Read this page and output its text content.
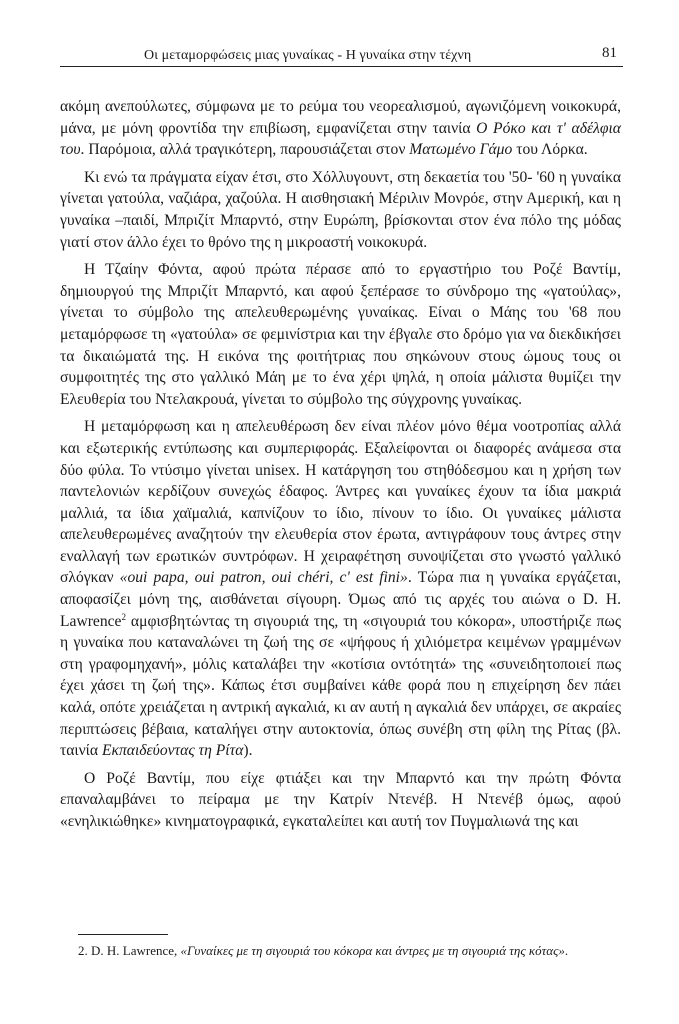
Οι μεταμορφώσεις μιας γυναίκας - Η γυναίκα στην τέχνη	81

ακόμη ανεπούλωτες, σύμφωνα με το ρεύμα του νεορεαλισμού, αγωνιζόμενη νοικοκυρά, μάνα, με μόνη φροντίδα την επιβίωση, εμφανίζεται στην ταινία Ο Ρόκο και τ' αδέλφια του. Παρόμοια, αλλά τραγικότερη, παρουσιάζεται στον Ματωμένο Γάμο του Λόρκα.

Κι ενώ τα πράγματα είχαν έτσι, στο Χόλλυγουντ, στη δεκαετία του '50- '60 η γυναίκα γίνεται γατούλα, ναζιάρα, χαζούλα. Η αισθησιακή Μέριλιν Μονρόε, στην Αμερική, και η γυναίκα –παιδί, Μπριζίτ Μπαρντό, στην Ευρώπη, βρίσκονται στον ένα πόλο της μόδας γιατί στον άλλο έχει το θρόνο της η μικροαστή νοικοκυρά.

Η Τζαίην Φόντα, αφού πρώτα πέρασε από το εργαστήριο του Ροζέ Βαντίμ, δημιουργού της Μπριζίτ Μπαρντό, και αφού ξεπέρασε το σύνδρομο της «γατούλας», γίνεται το σύμβολο της απελευθερωμένης γυναίκας. Είναι ο Μάης του '68 που μεταμόρφωσε τη «γατούλα» σε φεμινίστρια και την έβγαλε στο δρόμο για να διεκδικήσει τα δικαιώματά της. Η εικόνα της φοιτήτριας που σηκώνουν στους ώμους τους οι συμφοιτητές της στο γαλλικό Μάη με το ένα χέρι ψηλά, η οποία μάλιστα θυμίζει την Ελευθερία του Ντελακρουά, γίνεται το σύμβολο της σύγχρονης γυναίκας.

Η μεταμόρφωση και η απελευθέρωση δεν είναι πλέον μόνο θέμα νοοτροπίας αλλά και εξωτερικής εντύπωσης και συμπεριφοράς. Εξαλείφονται οι διαφορές ανάμεσα στα δύο φύλα. Το ντύσιμο γίνεται unisex. Η κατάργηση του στηθόδεσμου και η χρήση των παντελονιών κερδίζουν συνεχώς έδαφος. Άντρες και γυναίκες έχουν τα ίδια μακριά μαλλιά, τα ίδια χαϊμαλιά, καπνίζουν το ίδιο, πίνουν το ίδιο. Οι γυναίκες μάλιστα απελευθερωμένες αναζητούν την ελευθερία στον έρωτα, αντιγράφουν τους άντρες στην εναλλαγή των ερωτικών συντρόφων. Η χειραφέτηση συνοψίζεται στο γνωστό γαλλικό σλόγκαν «oui papa, oui patron, oui chéri, c' est fini». Τώρα πια η γυναίκα εργάζεται, αποφασίζει μόνη της, αισθάνεται σίγουρη. Όμως από τις αρχές του αιώνα ο D. H. Lawrence$^2$ αμφισβητώντας τη σιγουριά της, τη «σιγουριά του κόκορα», υποστήριζε πως η γυναίκα που καταναλώνει τη ζωή της σε «ψήφους ή χιλιόμετρα κειμένων γραμμένων στη γραφομηχανή», μόλις καταλάβει την «κοτίσια οντότητά» της «συνειδητοποιεί πως έχει χάσει τη ζωή της». Κάπως έτσι συμβαίνει κάθε φορά που η επιχείρηση δεν πάει καλά, οπότε χρειάζεται η αντρική αγκαλιά, κι αν αυτή η αγκαλιά δεν υπάρχει, σε ακραίες περιπτώσεις βέβαια, καταλήγει στην αυτοκτονία, όπως συνέβη στη φίλη της Ρίτας (βλ. ταινία Εκπαιδεύοντας τη Ρίτα).

Ο Ροζέ Βαντίμ, που είχε φτιάξει και την Μπαρντό και την πρώτη Φόντα επαναλαμβάνει το πείραμα με την Κατρίν Ντενέβ. Η Ντενέβ όμως, αφού «ενηλικιώθηκε» κινηματογραφικά, εγκαταλείπει και αυτή τον Πυγμαλιωνά της και

2. D. H. Lawrence, «Γυναίκες με τη σιγουριά του κόκορα και άντρες με τη σιγουριά της κότας».
